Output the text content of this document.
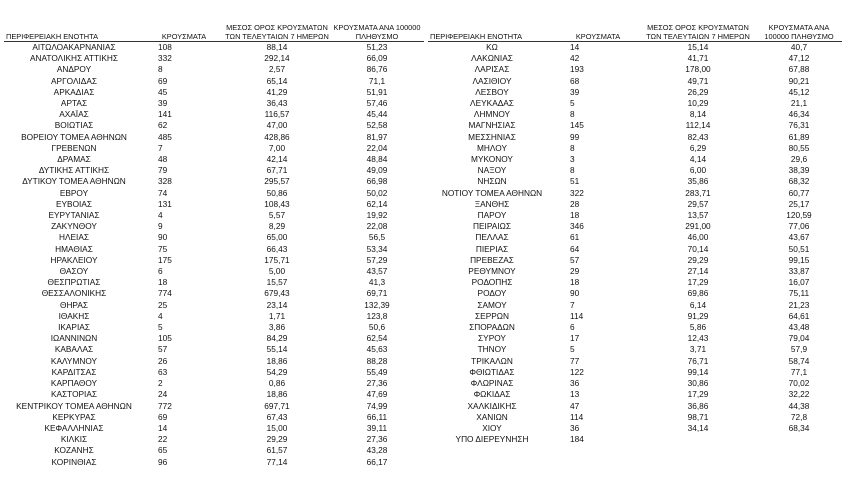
ΠΕΡΙΦΕΡΕΙΑΚΗ ΕΝΟΤΗΤΑ	ΚΡΟΥΣΜΑΤΑ	ΜΕΣΟΣ ΟΡΟΣ ΚΡΟΥΣΜΑΤΩΝ ΤΩΝ ΤΕΛΕΥΤΑΙΩΝ 7 ΗΜΕΡΩΝ	ΚΡΟΥΣΜΑΤΑ ΑΝΑ 100000 ΠΛΗΘΥΣΜΟ
ΑΙΤΩΛΟΑΚΑΡΝΑΝΙΑΣ	108	88,14	51,23
ΑΝΑΤΟΛΙΚΗΣ ΑΤΤΙΚΗΣ	332	292,14	66,09
ΑΝΔΡΟΥ	8	2,57	86,76
ΑΡΓΟΛΙΔΑΣ	69	65,14	71,1
ΑΡΚΑΔΙΑΣ	45	41,29	51,91
ΑΡΤΑΣ	39	36,43	57,46
ΑΧΑΪΑΣ	141	116,57	45,44
ΒΟΙΩΤΙΑΣ	62	47,00	52,58
ΒΟΡΕΙΟΥ ΤΟΜΕΑ ΑΘΗΝΩΝ	485	428,86	81,97
ΓΡΕΒΕΝΩΝ	7	7,00	22,04
ΔΡΑΜΑΣ	48	42,14	48,84
ΔΥΤΙΚΗΣ ΑΤΤΙΚΗΣ	79	67,71	49,09
ΔΥΤΙΚΟΥ ΤΟΜΕΑ ΑΘΗΝΩΝ	328	295,57	66,98
ΕΒΡΟΥ	74	50,86	50,02
ΕΥΒΟΙΑΣ	131	108,43	62,14
ΕΥΡΥΤΑΝΙΑΣ	4	5,57	19,92
ΖΑΚΥΝΘΟΥ	9	8,29	22,08
ΗΛΕΙΑΣ	90	65,00	56,5
ΗΜΑΘΙΑΣ	75	66,43	53,34
ΗΡΑΚΛΕΙΟΥ	175	175,71	57,29
ΘΑΣΟΥ	6	5,00	43,57
ΘΕΣΠΡΩΤΙΑΣ	18	15,57	41,3
ΘΕΣΣΑΛΟΝΙΚΗΣ	774	679,43	69,71
ΘΗΡΑΣ	25	23,14	132,39
ΙΘΑΚΗΣ	4	1,71	123,8
ΙΚΑΡΙΑΣ	5	3,86	50,6
ΙΩΑΝΝΙΝΩΝ	105	84,29	62,54
ΚΑΒΑΛΑΣ	57	55,14	45,63
ΚΑΛΥΜΝΟΥ	26	18,86	88,28
ΚΑΡΔΙΤΣΑΣ	63	54,29	55,49
ΚΑΡΠΑΘΟΥ	2	0,86	27,36
ΚΑΣΤΟΡΙΑΣ	24	18,86	47,69
ΚΕΝΤΡΙΚΟΥ ΤΟΜΕΑ ΑΘΗΝΩΝ	772	697,71	74,99
ΚΕΡΚΥΡΑΣ	69	67,43	66,11
ΚΕΦΑΛΛΗΝΙΑΣ	14	15,00	39,11
ΚΙΛΚΙΣ	22	29,29	27,36
ΚΟΖΑΝΗΣ	65	61,57	43,28
ΚΟΡΙΝΘΙΑΣ	96	77,14	66,17
ΠΕΡΙΦΕΡΕΙΑΚΗ ΕΝΟΤΗΤΑ	ΚΡΟΥΣΜΑΤΑ	ΜΕΣΟΣ ΟΡΟΣ ΚΡΟΥΣΜΑΤΩΝ ΤΩΝ ΤΕΛΕΥΤΑΙΩΝ 7 ΗΜΕΡΩΝ	ΚΡΟΥΣΜΑΤΑ ΑΝΑ 100000 ΠΛΗΘΥΣΜΟ
ΚΩ	14	15,14	40,7
ΛΑΚΩΝΙΑΣ	42	41,71	47,12
ΛΑΡΙΣΑΣ	193	178,00	67,88
ΛΑΣΙΘΙΟΥ	68	49,71	90,21
ΛΕΣΒΟΥ	39	26,29	45,12
ΛΕΥΚΑΔΑΣ	5	10,29	21,1
ΛΗΜΝΟΥ	8	8,14	46,34
ΜΑΓΝΗΣΙΑΣ	145	112,14	76,31
ΜΕΣΣΗΝΙΑΣ	99	82,43	61,89
ΜΗΛΟΥ	8	6,29	80,55
ΜΥΚΟΝΟΥ	3	4,14	29,6
ΝΑΞΟΥ	8	6,00	38,39
ΝΗΣΩΝ	51	35,86	68,32
ΝΟΤΙΟΥ ΤΟΜΕΑ ΑΘΗΝΩΝ	322	283,71	60,77
ΞΑΝΘΗΣ	28	29,57	25,17
ΠΑΡΟΥ	18	13,57	120,59
ΠΕΙΡΑΙΩΣ	346	291,00	77,06
ΠΕΛΛΑΣ	61	46,00	43,67
ΠΙΕΡΙΑΣ	64	70,14	50,51
ΠΡΕΒΕΖΑΣ	57	29,29	99,15
ΡΕΘΥΜΝΟΥ	29	27,14	33,87
ΡΟΔΟΠΗΣ	18	17,29	16,07
ΡΟΔΟΥ	90	69,86	75,11
ΣΑΜΟΥ	7	6,14	21,23
ΣΕΡΡΩΝ	114	91,29	64,61
ΣΠΟΡΑΔΩΝ	6	5,86	43,48
ΣΥΡΟΥ	17	12,43	79,04
ΤΗΝΟΥ	5	3,71	57,9
ΤΡΙΚΑΛΩΝ	77	76,71	58,74
ΦΘΙΩΤΙΔΑΣ	122	99,14	77,1
ΦΛΩΡΙΝΑΣ	36	30,86	70,02
ΦΩΚΙΔΑΣ	13	17,29	32,22
ΧΑΛΚΙΔΙΚΗΣ	47	36,86	44,38
ΧΑΝΙΩΝ	114	98,71	72,8
ΧΙΟΥ	36	34,14	68,34
ΥΠΟ ΔΙΕΡΕΥΝΗΣΗ	184		
